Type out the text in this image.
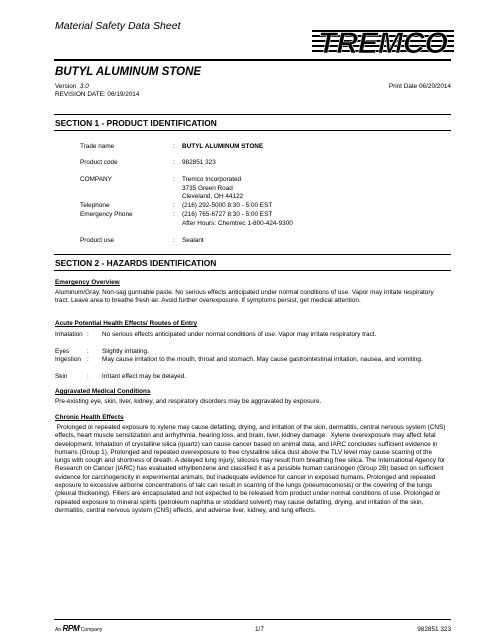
Material Safety Data Sheet
TREMCO
BUTYL ALUMINUM STONE
Version 3.0	Print Date 06/20/2014
REVISION DATE: 06/19/2014
SECTION 1 - PRODUCT IDENTIFICATION
Trade name	: BUTYL ALUMINUM STONE
Product code	: 982851 323
COMPANY	: Tremco Incorporated
3735 Green Road
Cleveland, OH 44122
Telephone	: (216) 292-5000 8:30 - 5:00 EST
Emergency Phone	: (216) 765-6727 8:30 - 5:00 EST
After Hours: Chemtrec 1-800-424-9300
Product use	: Sealant
SECTION 2 - HAZARDS IDENTIFICATION
Emergency Overview
Aluminum/Gray. Non-sag gunnable paste. No serious effects anticipated under normal conditions of use. Vapor may irritate respiratory tract. Leave area to breathe fresh air. Avoid further overexposure. If symptoms persist, get medical attention.
Acute Potential Health Effects/ Routes of Entry
Inhalation : No serious effects anticipated under normal conditions of use. Vapor may irritate respiratory tract.
Eyes	: Slightly irritating.
Ingestion : May cause irritation to the mouth, throat and stomach. May cause gastrointestinal irritation, nausea, and vomiting.
Skin	: Irritant effect may be delayed.
Aggravated Medical Conditions
Pre-existing eye, skin, liver, kidney, and respiratory disorders may be aggravated by exposure.
Chronic Health Effects
Prolonged or repeated exposure to xylene may cause defatting, drying, and irritation of the skin, dermatitis, central nervous system (CNS) effects, heart muscle sensitization and arrhythmia, hearing loss, and brain, liver, kidney damage.  Xylene overexposure may affect fetal development. Inhalation of crystalline silica (quartz) can cause cancer based on animal data, and IARC concludes sufficient evidence in humans (Group 1). Prolonged and repeated overexposure to free crystalline silica dust above the TLV level may cause scarring of the lungs with cough and shortness of breath. A delayed lung injury, silicosis may result from breathing free silica. The International Agency for Research on Cancer (IARC) has evaluated ethylbenzene and classified it as a possible human carcinogen (Group 2B) based on sufficient evidence for carcinogenicity in experimental animals, but inadequate evidence for cancer in exposed humans. Prolonged and repeated exposure to excessive airborne concentrations of talc can result in scarring of the lungs (pneumoconiosis) or the covering of the lungs (pleural thickening). Fillers are encapsulated and not expected to be released from product under normal conditions of use. Prolonged or repeated exposure to mineral spirits (petroleum naphtha or stoddard solvent) may cause defatting, drying, and irritation of the skin, dermatitis, central nervous system (CNS) effects, and adverse liver, kidney, and lung effects.
An RPM Company	1/7	982851 323
